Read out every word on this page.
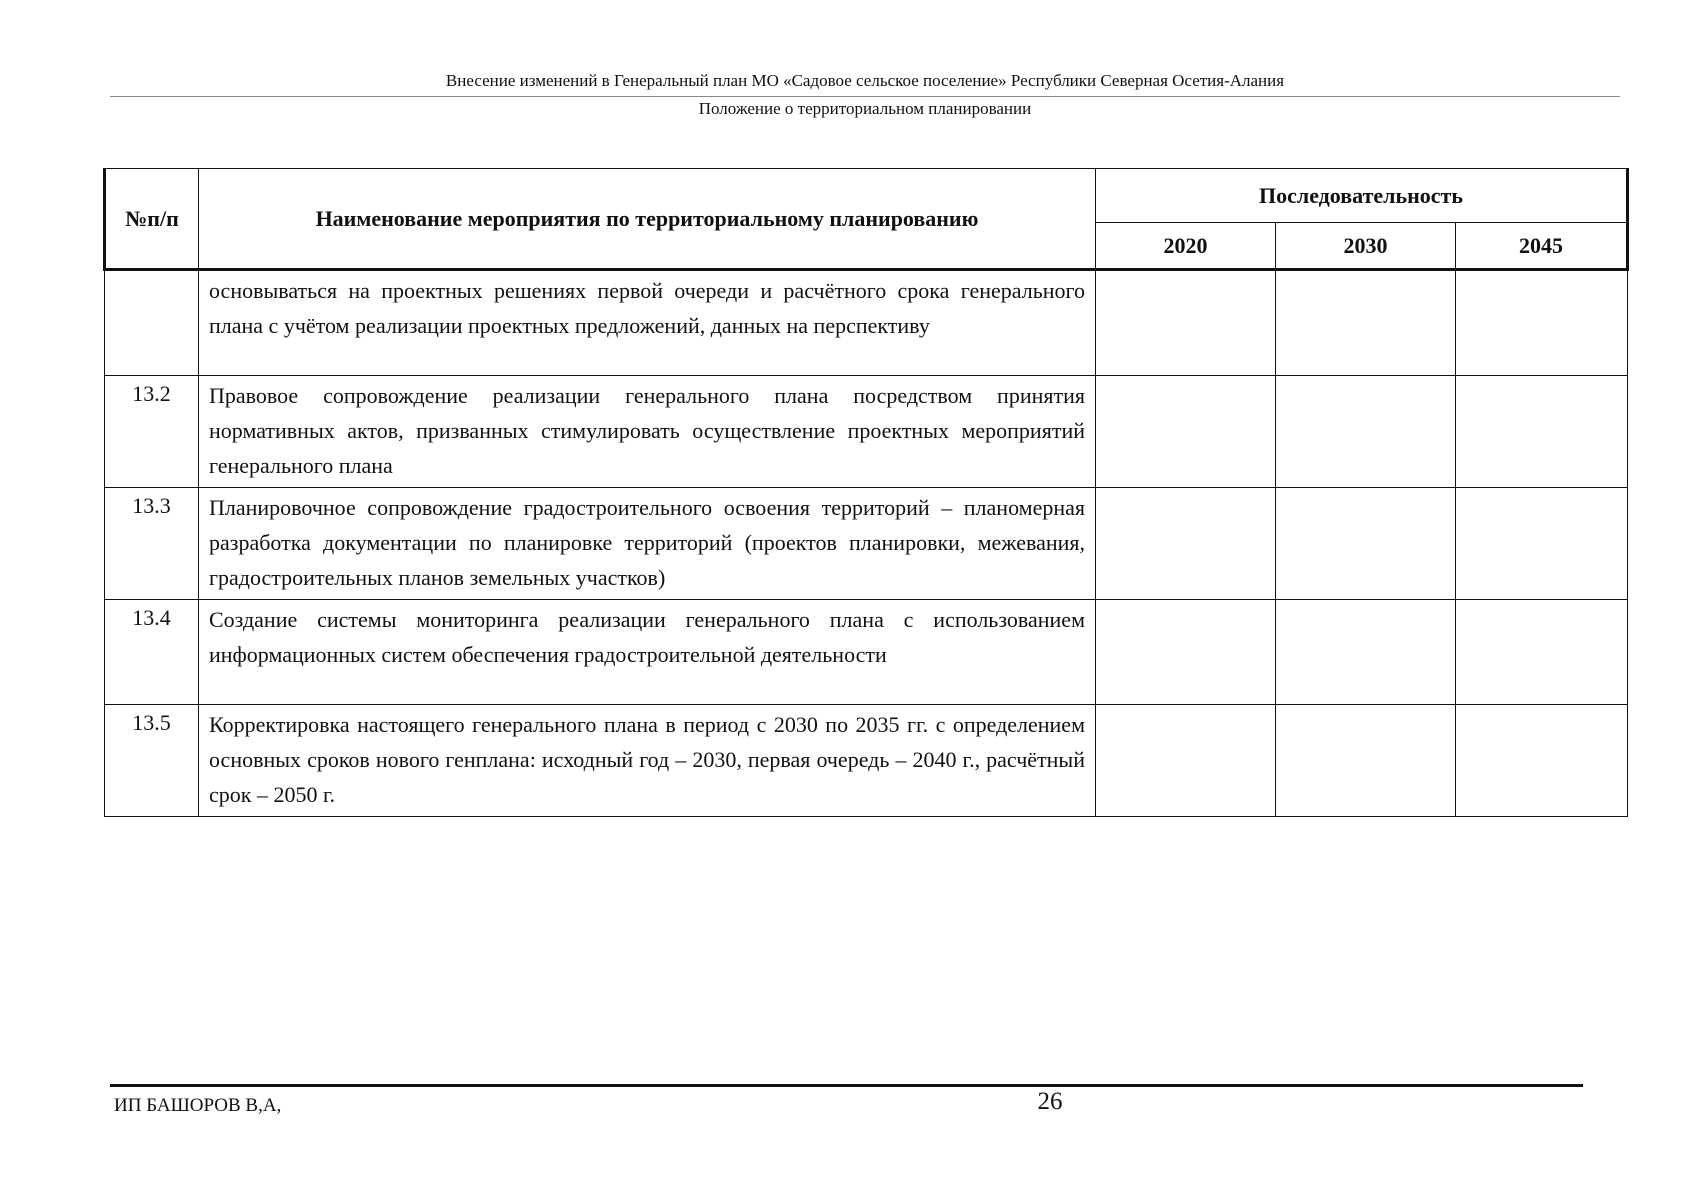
Внесение изменений в Генеральный план МО «Садовое сельское поселение» Республики Северная Осетия-Алания
Положение о территориальном планировании
№п/п	Наименование мероприятия по территориальному планированию	Последовательность		
		2020	2030	2045
	основываться на проектных решениях первой очереди и расчётного срока генерального плана с учётом реализации проектных предложений, данных на перспективу			
13.2	Правовое сопровождение реализации генерального плана посредством принятия нормативных актов, призванных стимулировать осуществление проектных мероприятий генерального плана			
13.3	Планировочное сопровождение градостроительного освоения территорий – планомерная разработка документации по планировке территорий (проектов планировки, межевания, градостроительных планов земельных участков)			
13.4	Создание системы мониторинга реализации генерального плана с использованием информационных систем обеспечения градостроительной деятельности			
13.5	Корректировка настоящего генерального плана в период с 2030 по 2035 гг. с определением основных сроков нового генплана: исходный год – 2030, первая очередь – 2040 г., расчётный срок – 2050 г.			
ИП БАШОРОВ В,А,	26
